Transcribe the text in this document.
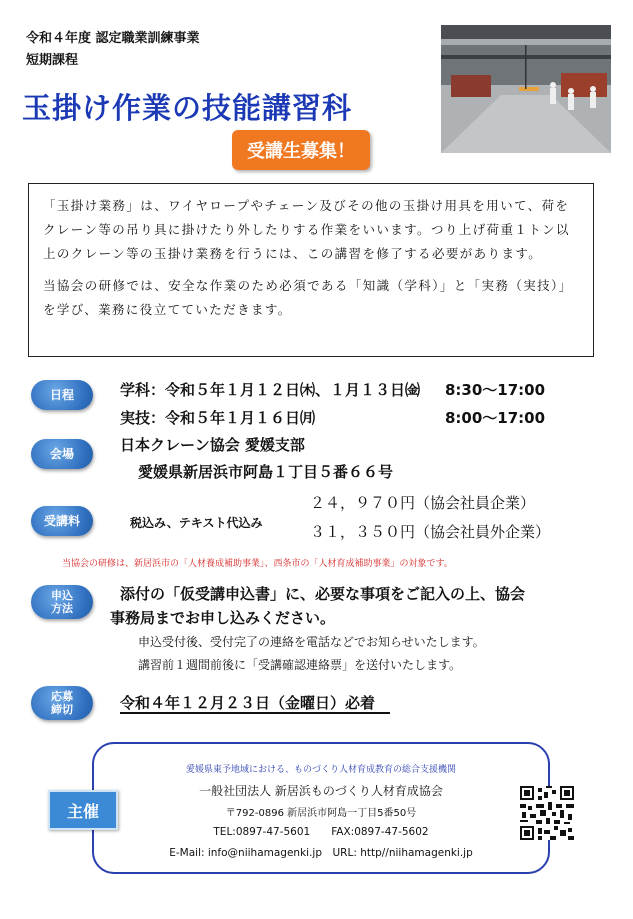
令和４年度 認定職業訓練事業
短期課程
玉掛け作業の技能講習科
受講生募集！

「玉掛け業務」は、ワイヤロープやチェーン及びその他の玉掛け用具を用いて、荷をクレーン等の吊り具に掛けたり外したりする作業をいいます。つり上げ荷重１トン以上のクレーン等の玉掛け業務を行うには、この講習を修了する必要があります。

当協会の研修では、安全な作業のため必須である「知識（学科）」と「実務（実技）」を学び、業務に役立てていただきます。

日程	学科：令和５年１月１２日㈭、１月１３日㈮ 8:30〜17:00
実技：令和５年１月１６日㈪	8:00〜17:00
会場	日本クレーン協会 愛媛支部
愛媛県新居浜市阿島１丁目５番６６号
受講料	税込み、テキスト代込み
２４，９７０円（協会社員企業）
３１，３５０円（協会社員外企業）
当協会の研修は、新居浜市の「人材養成補助事業」、西条市の「人材育成補助事業」の対象です。
申込方法
添付の「仮受講申込書」に、必要な事項をご記入の上、協会
事務局までお申し込みください。
申込受付後、受付完了の連絡を電話などでお知らせいたします。
講習前１週間前後に「受講確認連絡票」を送付いたします。
応募締切	令和４年１２月２３日（金曜日）必着
主催
愛媛県東予地域における、ものづくり人材育成教育の総合支援機関
一般社団法人 新居浜ものづくり人材育成協会
〒792-0896 新居浜市阿島一丁目5番50号
TEL:0897-47-5601　　FAX:0897-47-5602
E-Mail: info@niihamagenki.jp　URL: http//niihamagenki.jp
